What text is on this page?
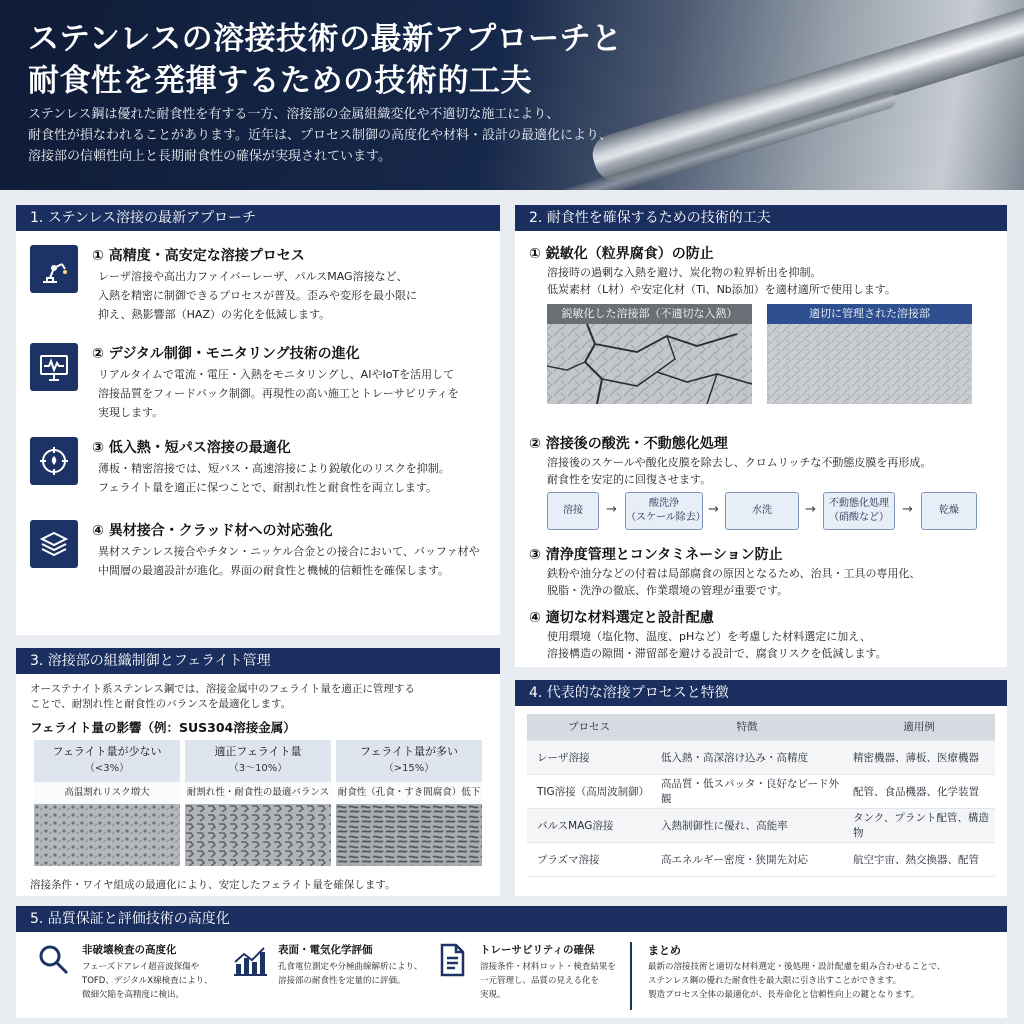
ステンレスの溶接技術の最新アプローチと
耐食性を発揮するための技術的工夫

ステンレス鋼は優れた耐食性を有する一方、溶接部の金属組織変化や不適切な施工により、
耐食性が損なわれることがあります。近年は、プロセス制御の高度化や材料・設計の最適化により、
溶接部の信頼性向上と長期耐食性の確保が実現されています。

1. ステンレス溶接の最新アプローチ
① 高精度・高安定な溶接プロセス
レーザ溶接や高出力ファイバーレーザ、パルスMAG溶接など、
入熱を精密に制御できるプロセスが普及。歪みや変形を最小限に
抑え、熱影響部（HAZ）の劣化を低減します。
② デジタル制御・モニタリング技術の進化
リアルタイムで電流・電圧・入熱をモニタリングし、AIやIoTを活用して
溶接品質をフィードバック制御。再現性の高い施工とトレーサビリティを
実現します。
③ 低入熱・短パス溶接の最適化
薄板・精密溶接では、短パス・高速溶接により鋭敏化のリスクを抑制。
フェライト量を適正に保つことで、耐割れ性と耐食性を両立します。
④ 異材接合・クラッド材への対応強化
異材ステンレス接合やチタン・ニッケル合金との接合において、バッファ材や
中間層の最適設計が進化。界面の耐食性と機械的信頼性を確保します。
2. 耐食性を確保するための技術的工夫
① 鋭敏化（粒界腐食）の防止
溶接時の過剰な入熱を避け、炭化物の粒界析出を抑制。
低炭素材（L材）や安定化材（Ti、Nb添加）を適材適所で使用します。
鋭敏化した溶接部（不適切な入熱）	適切に管理された溶接部
② 溶接後の酸洗・不動態化処理
溶接後のスケールや酸化皮膜を除去し、クロムリッチな不動態皮膜を再形成。
耐食性を安定的に回復させます。
溶接 →	酸洗浄
（スケール除去）
→	水洗	→ 不動態化処理
（硝酸など）
→	乾燥
③ 清浄度管理とコンタミネーション防止
鉄粉や油分などの付着は局部腐食の原因となるため、治具・工具の専用化、
脱脂・洗浄の徹底、作業環境の管理が重要です。
④ 適切な材料選定と設計配慮
使用環境（塩化物、温度、pHなど）を考慮した材料選定に加え、
溶接構造の隙間・滞留部を避ける設計で、腐食リスクを低減します。
3. 溶接部の組織制御とフェライト管理
オーステナイト系ステンレス鋼では、溶接金属中のフェライト量を適正に管理する
ことで、耐割れ性と耐食性のバランスを最適化します。
フェライト量の影響（例：SUS304溶接金属）
フェライト量が少ない
（<3%）
高温割れリスク増大
適正フェライト量
（3～10%）
耐割れ性・耐食性の最適バランス
フェライト量が多い
（>15%）
耐食性（孔食・すき間腐食）低下
溶接条件・ワイヤ組成の最適化により、安定したフェライト量を確保します。
4. 代表的な溶接プロセスと特徴
プロセス	特徴	適用例
レーザ溶接	低入熱・高深溶け込み・高精度	精密機器、薄板、医療機器
TIG溶接（高周波制御）	高品質・低スパッタ・良好なビード外観	配管、食品機器、化学装置
パルスMAG溶接	入熱制御性に優れ、高能率	タンク、プラント配管、構造物
プラズマ溶接	高エネルギー密度・狭開先対応	航空宇宙、熱交換器、配管
5. 品質保証と評価技術の高度化
非破壊検査の高度化
フェーズドアレイ超音波探傷や
TOFD、デジタルX線検査により、
微細欠陥を高精度に検出。
表面・電気化学評価
孔食電位測定や分極曲線解析により、
溶接部の耐食性を定量的に評価。
トレーサビリティの確保
溶接条件・材料ロット・検査結果を
一元管理し、品質の見える化を
実現。
まとめ
最新の溶接技術と適切な材料選定・後処理・設計配慮を組み合わせることで、
ステンレス鋼の優れた耐食性を最大限に引き出すことができます。
製造プロセス全体の最適化が、長寿命化と信頼性向上の鍵となります。
